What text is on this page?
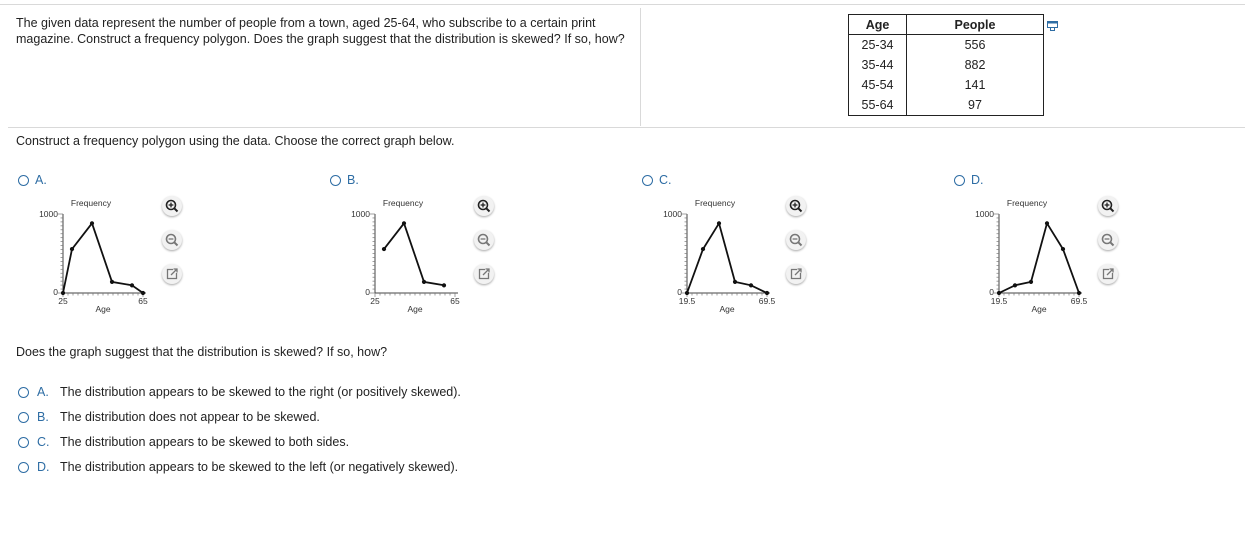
The given data represent the number of people from a town, aged 25-64, who subscribe to a certain print magazine. Construct a frequency polygon. Does the graph suggest that the distribution is skewed? If so, how?
Age	People
25-34	556
35-44	882
45-54	141
55-64	97
Construct a frequency polygon using the data. Choose the correct graph below.
A.
Frequency
1000
0
25	65
Age
B.
Frequency
1000
0
25	65
Age
C.
Frequency
1000
0
19.5	69.5
Age
D.
Frequency
1000
0
19.5	69.5
Age
Does the graph suggest that the distribution is skewed? If so, how?
A. The distribution appears to be skewed to the right (or positively skewed).
B. The distribution does not appear to be skewed.
C. The distribution appears to be skewed to both sides.
D. The distribution appears to be skewed to the left (or negatively skewed).
